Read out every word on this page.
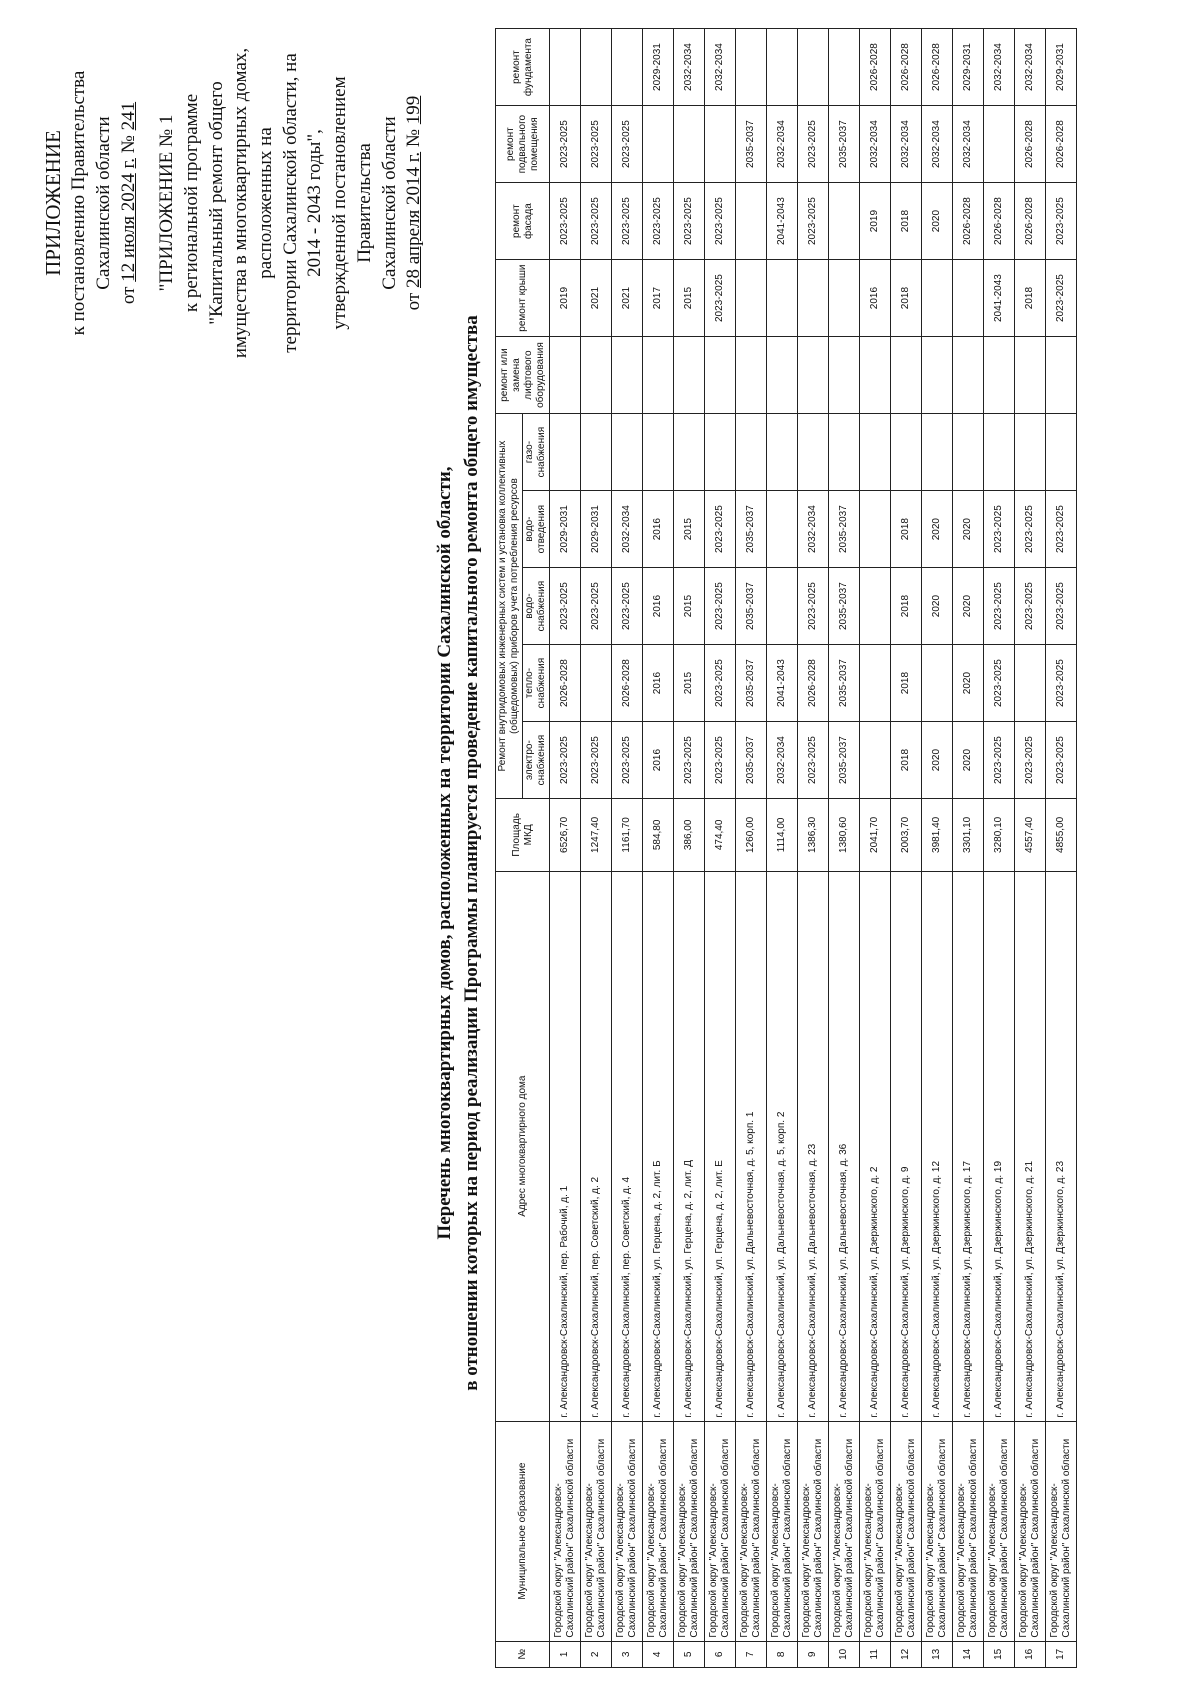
ПРИЛОЖЕНИЕ к постановлению Правительства Сахалинской области
от 12 июля 2024 г. № 241 "ПРИЛОЖЕНИЕ № 1 к региональной программе "Капитальный ремонт общего имущества в многоквартирных домах, расположенных на территории Сахалинской области, на 2014 - 2043 годы", утвержденной постановлением Правительства Сахалинской области
от 28 апреля 2014 г. № 199
Перечень многоквартирных домов, расположенных на территории Сахалинской области, в отношении которых на период реализации Программы планируется проведение капитального ремонта общего имущества
№	Муниципальное образование	Адрес многоквартирного дома	Площадь МКД	Ремонт внутридомовых инженерных систем и установка коллективных (общедомовых) приборов учета потребления ресурсов					ремонт или замена лифтового оборудования	ремонт крыши	ремонт фасада	ремонт подвального помещения	ремонт фундамента
				электро-снабжения	тепло-снабжения	водо-снабжения	водо-отведения	газо-снабжения					
1	Городской округ "Александровск-Сахалинский район" Сахалинской области	г. Александровск-Сахалинский, пер. Рабочий, д. 1	6526,70	2023-2025	2026-2028	2023-2025	2029-2031			2019	2023-2025	2023-2025	
2	Городской округ "Александровск-Сахалинский район" Сахалинской области	г. Александровск-Сахалинский, пер. Советский, д. 2	1247,40	2023-2025		2023-2025	2029-2031			2021	2023-2025	2023-2025	
3	Городской округ "Александровск-Сахалинский район" Сахалинской области	г. Александровск-Сахалинский, пер. Советский, д. 4	1161,70	2023-2025	2026-2028	2023-2025	2032-2034			2021	2023-2025	2023-2025	
4	Городской округ "Александровск-Сахалинский район" Сахалинской области	г. Александровск-Сахалинский, ул. Герцена, д. 2, лит. Б	584,80	2016	2016	2016	2016			2017	2023-2025		2029-2031
5	Городской округ "Александровск-Сахалинский район" Сахалинской области	г. Александровск-Сахалинский, ул. Герцена, д. 2, лит. Д	386,00	2023-2025	2015	2015	2015			2015	2023-2025		2032-2034
6	Городской округ "Александровск-Сахалинский район" Сахалинской области	г. Александровск-Сахалинский, ул. Герцена, д. 2, лит. Е	474,40	2023-2025	2023-2025	2023-2025	2023-2025			2023-2025	2023-2025		2032-2034
7	Городской округ "Александровск-Сахалинский район" Сахалинской области	г. Александровск-Сахалинский, ул. Дальневосточная, д. 5, корп. 1	1260,00	2035-2037	2035-2037	2035-2037	2035-2037					2035-2037	
8	Городской округ "Александровск-Сахалинский район" Сахалинской области	г. Александровск-Сахалинский, ул. Дальневосточная, д. 5, корп. 2	1114,00	2032-2034	2041-2043						2041-2043	2032-2034	
9	Городской округ "Александровск-Сахалинский район" Сахалинской области	г. Александровск-Сахалинский, ул. Дальневосточная, д. 23	1386,30	2023-2025	2026-2028	2023-2025	2032-2034				2023-2025	2023-2025	
10	Городской округ "Александровск-Сахалинский район" Сахалинской области	г. Александровск-Сахалинский, ул. Дальневосточная, д. 36	1380,60	2035-2037	2035-2037	2035-2037	2035-2037					2035-2037	
11	Городской округ "Александровск-Сахалинский район" Сахалинской области	г. Александровск-Сахалинский, ул. Дзержинского, д. 2	2041,70							2016	2019	2032-2034	2026-2028
12	Городской округ "Александровск-Сахалинский район" Сахалинской области	г. Александровск-Сахалинский, ул. Дзержинского, д. 9	2003,70	2018	2018	2018	2018			2018	2018	2032-2034	2026-2028
13	Городской округ "Александровск-Сахалинский район" Сахалинской области	г. Александровск-Сахалинский, ул. Дзержинского, д. 12	3981,40	2020		2020	2020				2020	2032-2034	2026-2028
14	Городской округ "Александровск-Сахалинский район" Сахалинской области	г. Александровск-Сахалинский, ул. Дзержинского, д. 17	3301,10	2020	2020	2020	2020				2026-2028	2032-2034	2029-2031
15	Городской округ "Александровск-Сахалинский район" Сахалинской области	г. Александровск-Сахалинский, ул. Дзержинского, д. 19	3280,10	2023-2025	2023-2025	2023-2025	2023-2025			2041-2043	2026-2028		2032-2034
16	Городской округ "Александровск-Сахалинский район" Сахалинской области	г. Александровск-Сахалинский, ул. Дзержинского, д. 21	4557,40	2023-2025		2023-2025	2023-2025			2018	2026-2028	2026-2028	2032-2034
17	Городской округ "Александровск-Сахалинский район" Сахалинской области	г. Александровск-Сахалинский, ул. Дзержинского, д. 23	4855,00	2023-2025	2023-2025	2023-2025	2023-2025			2023-2025	2023-2025	2026-2028	2029-2031
